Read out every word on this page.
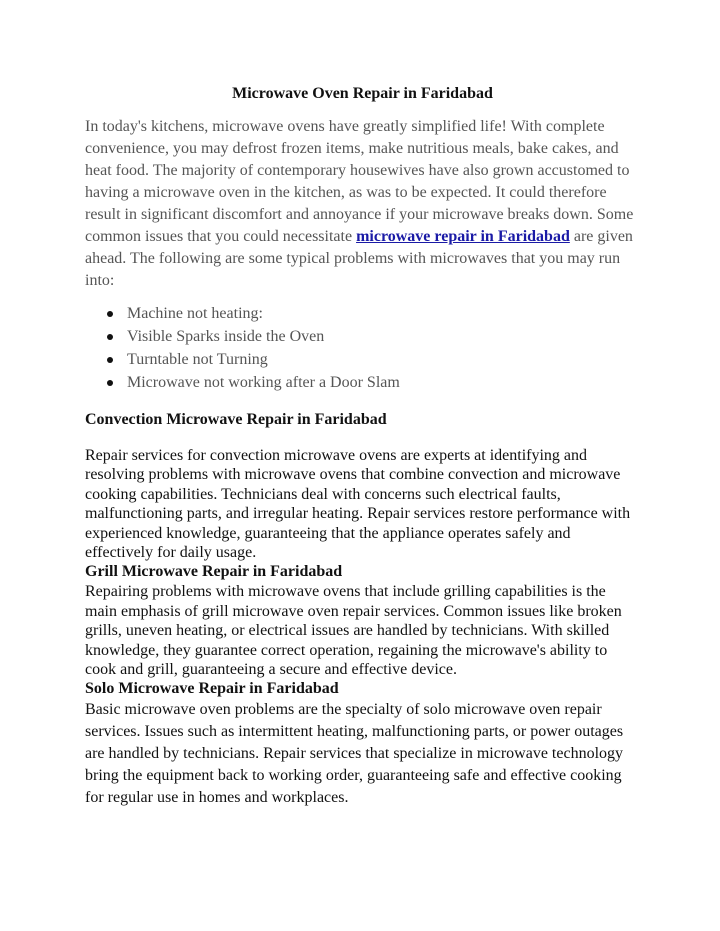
Microwave Oven Repair in Faridabad

In today's kitchens, microwave ovens have greatly simplified life! With complete convenience, you may defrost frozen items, make nutritious meals, bake cakes, and heat food. The majority of contemporary housewives have also grown accustomed to having a microwave oven in the kitchen, as was to be expected. It could therefore result in significant discomfort and annoyance if your microwave breaks down. Some common issues that you could necessitate microwave repair in Faridabad are given ahead. The following are some typical problems with microwaves that you may run into:

Machine not heating:
Visible Sparks inside the Oven
Turntable not Turning
Microwave not working after a Door Slam
Convection Microwave Repair in Faridabad

Repair services for convection microwave ovens are experts at identifying and resolving problems with microwave ovens that combine convection and microwave cooking capabilities. Technicians deal with concerns such electrical faults, malfunctioning parts, and irregular heating. Repair services restore performance with experienced knowledge, guaranteeing that the appliance operates safely and effectively for daily usage.

Grill Microwave Repair in Faridabad

Repairing problems with microwave ovens that include grilling capabilities is the main emphasis of grill microwave oven repair services. Common issues like broken grills, uneven heating, or electrical issues are handled by technicians. With skilled knowledge, they guarantee correct operation, regaining the microwave's ability to cook and grill, guaranteeing a secure and effective device.

Solo Microwave Repair in Faridabad

Basic microwave oven problems are the specialty of solo microwave oven repair services. Issues such as intermittent heating, malfunctioning parts, or power outages are handled by technicians. Repair services that specialize in microwave technology bring the equipment back to working order, guaranteeing safe and effective cooking for regular use in homes and workplaces.
